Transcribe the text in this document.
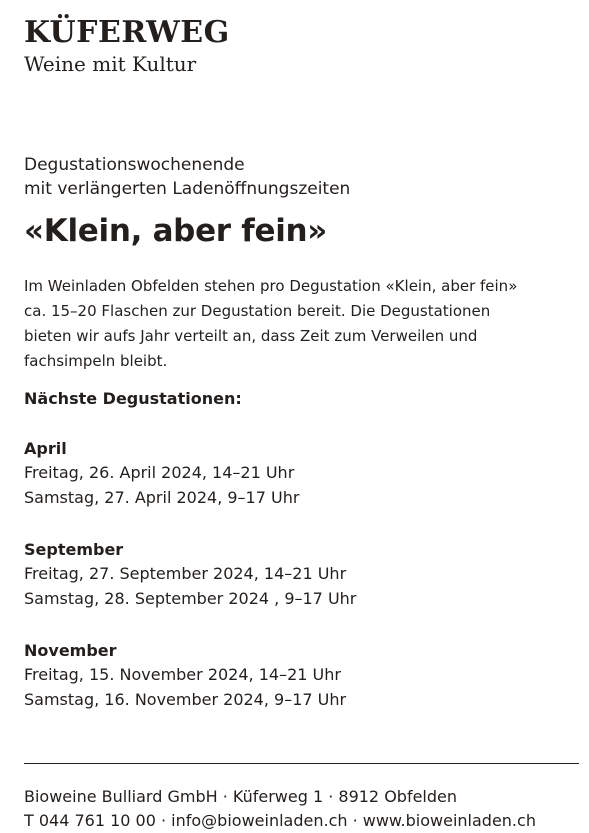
KÜFERWEG

Weine mit Kultur

Degustationswochenende

mit verlängerten Ladenöffnungszeiten

«Klein, aber fein»
Im Weinladen Obfelden stehen pro Degustation «Klein, aber fein»
ca. 15–20 Flaschen zur Degustation bereit. Die Degustationen
bieten wir aufs Jahr verteilt an, dass Zeit zum Verweilen und
fachsimpeln bleibt.

Nächste Degustationen:

April

Freitag, 26. April 2024, 14–21 Uhr

Samstag, 27. April 2024, 9–17 Uhr

September

Freitag, 27. September 2024, 14–21 Uhr

Samstag, 28. September 2024 , 9–17 Uhr

November

Freitag, 15. November 2024, 14–21 Uhr

Samstag, 16. November 2024, 9–17 Uhr

Bioweine Bulliard GmbH · Küferweg 1 · 8912 Obfelden

T 044 761 10 00 · info@bioweinladen.ch · www.bioweinladen.ch
